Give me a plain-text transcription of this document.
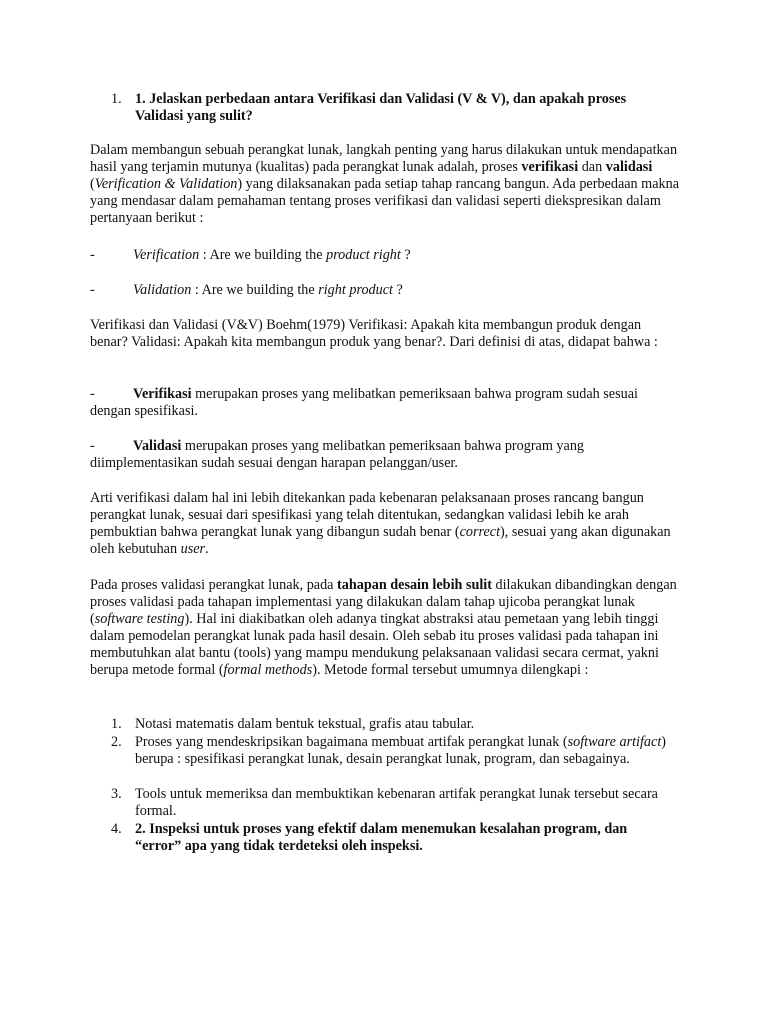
1. 1. Jelaskan perbedaan antara Verifikasi dan Validasi (V & V), dan apakah proses Validasi yang sulit?

Dalam membangun sebuah perangkat lunak, langkah penting yang harus dilakukan untuk mendapatkan hasil yang terjamin mutunya (kualitas) pada perangkat lunak adalah, proses verifikasi dan validasi (Verification & Validation) yang dilaksanakan pada setiap tahap rancang bangun. Ada perbedaan makna yang mendasar dalam pemahaman tentang proses verifikasi dan validasi seperti diekspresikan dalam pertanyaan berikut :

-	Verification : Are we building the product right ?
-	Validation : Are we building the right product ?

Verifikasi dan Validasi (V&V) Boehm(1979) Verifikasi: Apakah kita membangun produk dengan benar? Validasi: Apakah kita membangun produk yang benar?. Dari definisi di atas, didapat bahwa :

-	Verifikasi merupakan proses yang melibatkan pemeriksaan bahwa program sudah sesuai dengan spesifikasi.

-	Validasi merupakan proses yang melibatkan pemeriksaan bahwa program yang diimplementasikan sudah sesuai dengan harapan pelanggan/user.

Arti verifikasi dalam hal ini lebih ditekankan pada kebenaran pelaksanaan proses rancang bangun perangkat lunak, sesuai dari spesifikasi yang telah ditentukan, sedangkan validasi lebih ke arah pembuktian bahwa perangkat lunak yang dibangun sudah benar (correct), sesuai yang akan digunakan oleh kebutuhan user.

Pada proses validasi perangkat lunak, pada tahapan desain lebih sulit dilakukan dibandingkan dengan proses validasi pada tahapan implementasi yang dilakukan dalam tahap ujicoba perangkat lunak (software testing). Hal ini diakibatkan oleh adanya tingkat abstraksi atau pemetaan yang lebih tinggi dalam pemodelan perangkat lunak pada hasil desain. Oleh sebab itu proses validasi pada tahapan ini membutuhkan alat bantu (tools) yang mampu mendukung pelaksanaan validasi secara cermat, yakni berupa metode formal (formal methods). Metode formal tersebut umumnya dilengkapi :

1. Notasi matematis dalam bentuk tekstual, grafis atau tabular.
2. Proses yang mendeskripsikan bagaimana membuat artifak perangkat lunak (software artifact) berupa : spesifikasi perangkat lunak, desain perangkat lunak, program, dan sebagainya.
3. Tools untuk memeriksa dan membuktikan kebenaran artifak perangkat lunak tersebut secara formal.
4. 2. Inspeksi untuk proses yang efektif dalam menemukan kesalahan program, dan “error” apa yang tidak terdeteksi oleh inspeksi.
